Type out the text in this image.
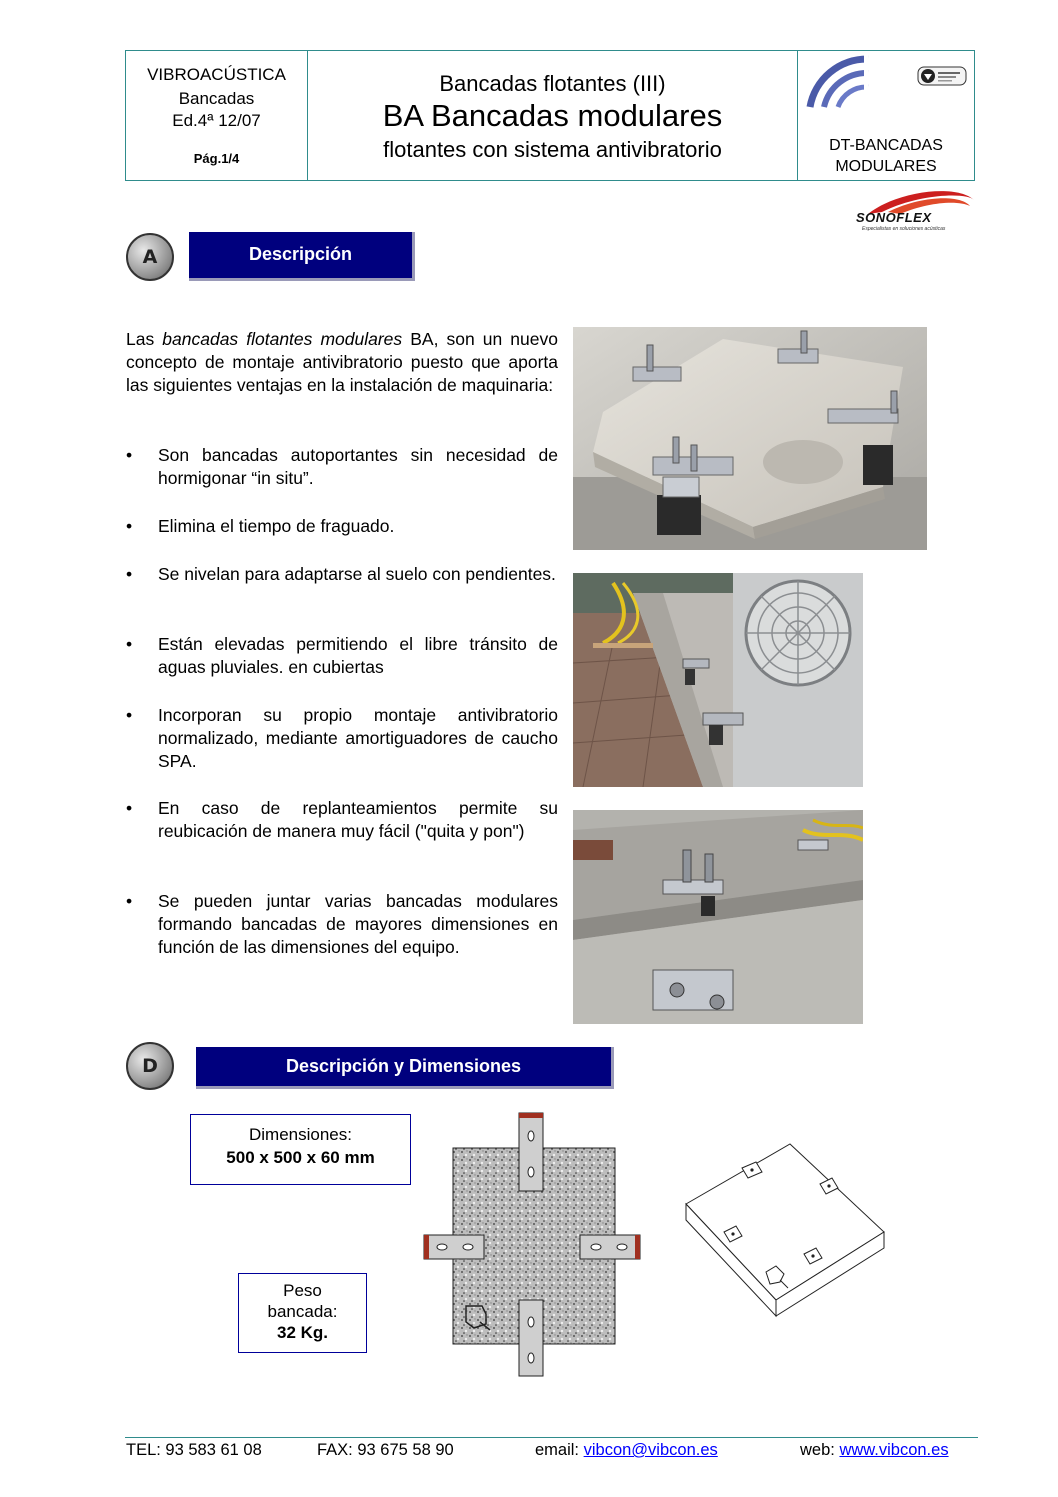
VIBROACÚSTICA
Bancadas
Ed.4ª 12/07
Pág.1/4
Bancadas flotantes (III)
BA Bancadas modulares
flotantes con sistema antivibratorio	DT-BANCADAS
MODULARES
SONOFLEX
Especialistas en soluciones acústicas
A	Descripción
Las bancadas flotantes modulares BA, son un nuevo concepto de montaje antivibratorio puesto que aporta las siguientes ventajas en la instalación de maquinaria:
•	Son bancadas autoportantes sin necesidad de hormigonar “in situ”.
•	Elimina el tiempo de fraguado.
•	Se nivelan para adaptarse al suelo con pendientes.
•	Están elevadas permitiendo el libre tránsito de aguas pluviales. en cubiertas
•	Incorporan su propio montaje antivibratorio normalizado, mediante amortiguadores de caucho SPA.
•	En caso de replanteamientos permite su reubicación de manera muy fácil ("quita y pon")
•	Se pueden juntar varias bancadas modulares formando bancadas de mayores dimensiones en función de las dimensiones del equipo.
D	Descripción y Dimensiones
Dimensiones:
500 x 500 x 60 mm
Peso
bancada:
32 Kg.
TEL: 93 583 61 08	FAX: 93 675 58 90	email: vibcon@vibcon.es	web: www.vibcon.es
